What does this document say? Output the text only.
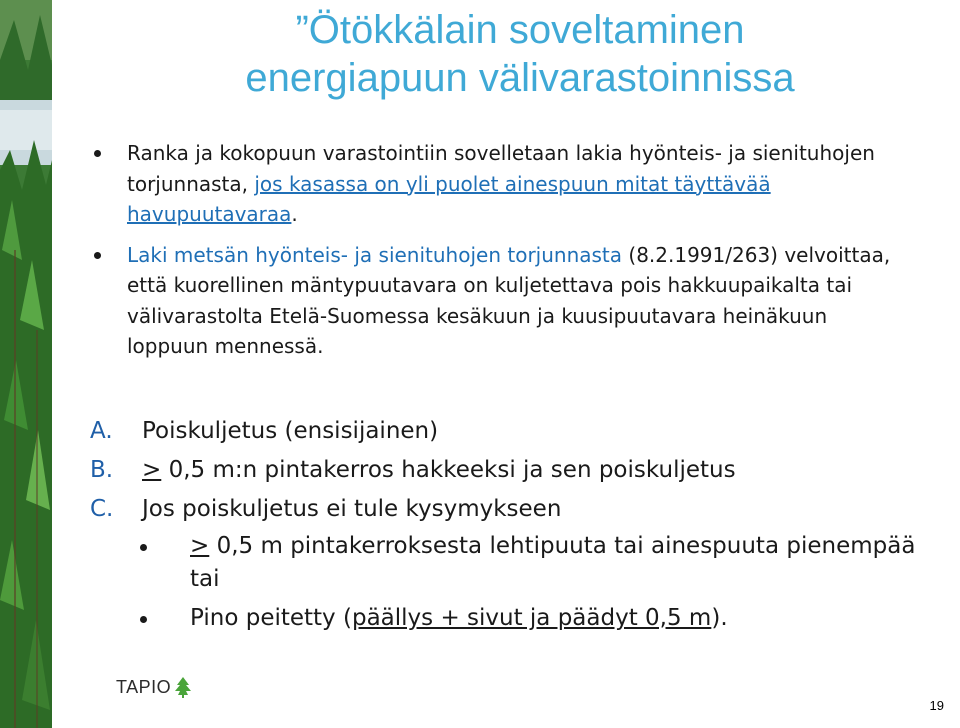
”Ötökkälain soveltaminen
energiapuun välivarastoinnissa
Ranka ja kokopuun varastointiin sovelletaan lakia hyönteis- ja sienituhojen torjunnasta, jos kasassa on yli puolet ainespuun mitat täyttävää havupuutavaraa.
Laki metsän hyönteis- ja sienituhojen torjunnasta (8.2.1991/263) velvoittaa, että kuorellinen mäntypuutavara on kuljetettava pois hakkuupaikalta tai välivarastolta Etelä-Suomessa kesäkuun ja kuusipuutavara heinäkuun loppuun mennessä.
A.	Poiskuljetus (ensisijainen)
B.	> 0,5 m:n pintakerros hakkeeksi ja sen poiskuljetus
C.	Jos poiskuljetus ei tule kysymykseen
> 0,5 m pintakerroksesta lehtipuuta tai ainespuuta pienempää tai
Pino peitetty (päällys + sivut ja päädyt 0,5 m).
TAPIO
19
